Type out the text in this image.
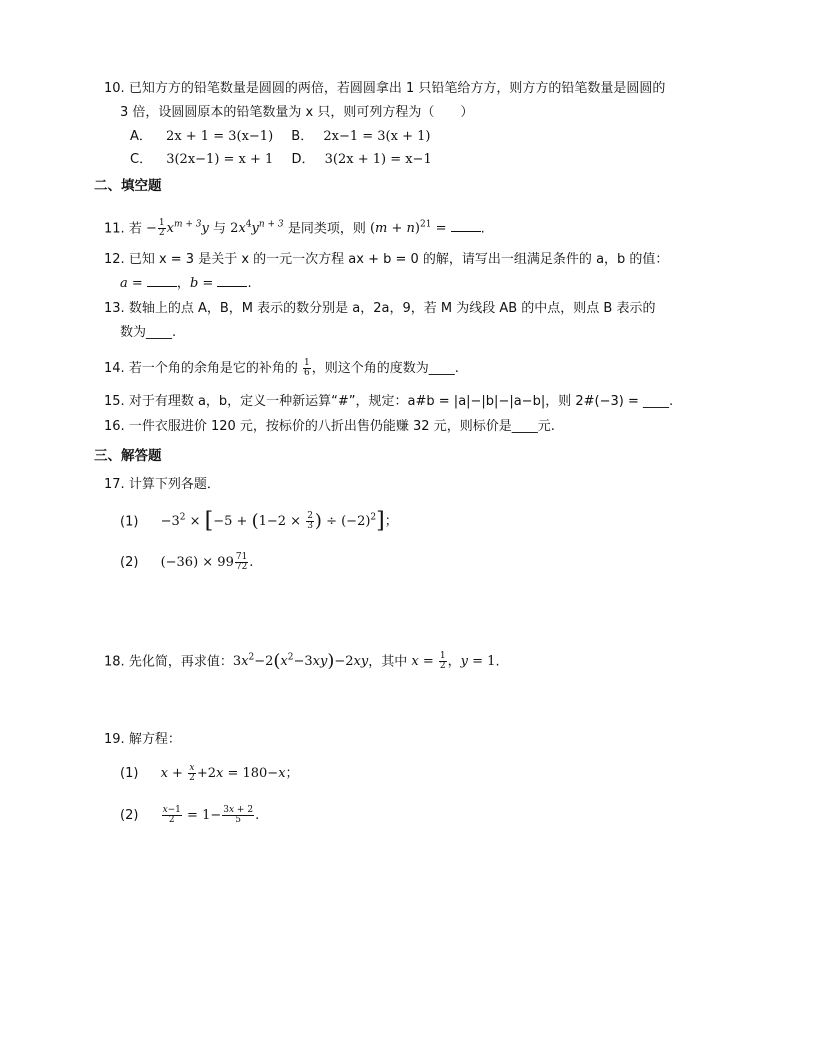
10. 已知方方的铅笔数量是圆圆的两倍，若圆圆拿出 1 只铅笔给方方，则方方的铅笔数量是圆圆的
3 倍，设圆圆原本的铅笔数量为 x 只，则可列方程为（　　）
A． 2x + 1 = 3(x−1) B． 2x−1 = 3(x + 1)
C． 3(2x−1) = x + 1 D． 3(2x + 1) = x−1
二、填空题
11. 若 − $\frac{1}{2} x^{m + 3}y$ 与 $2x^4y^{n + 3}$ 是同类项，则 $(m + n)^{21}$ =	.
12. 已知 x = 3 是关于 x 的一元一次方程 ax + b = 0 的解，请写出一组满足条件的 a，b 的值：
a =	，b =	.
13. 数轴上的点 A，B，M 表示的数分别是 a，2a，9，若 M 为线段 AB 的中点，则点 B 表示的
数为____.
14. 若一个角的余角是它的补角的 $\frac{1}{6}$ ，则这个角的度数为____.
15. 对于有理数 a，b，定义一种新运算“#”，规定：a#b = |a|−|b|−|a−b|，则 2#(−3) = ____.
16. 一件衣服进价 120 元，按标价的八折出售仍能赚 32 元，则标价是____元.
三、解答题
17. 计算下列各题．
$(1) -3^2 \times [-5 + (1-2 \times \frac{2}{3}$ ) ÷ $(-2)^2$]；
(2) $(-36) \times 99 \frac{71}{72}$ .
18. 先化简，再求值：$3x^2-2(x^2-3xy)-2xy$，其中 $x = \frac{1}{2}$ ，y = 1.
19. 解方程：
(1) $x + \frac{x}{2} +2x = 180-x$；
(2)	$\frac{x-1}{2} = 1- \frac{3x + 2}{5}$ .
